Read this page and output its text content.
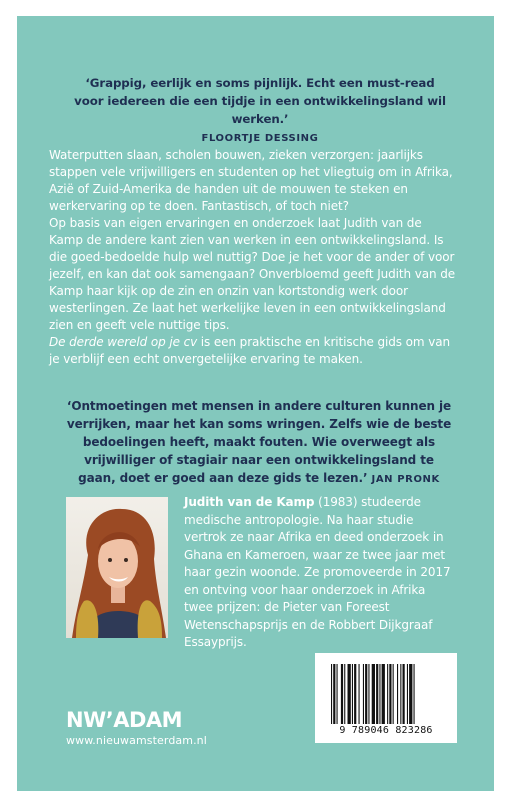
‘Grappig, eerlijk en soms pijnlijk. Echt een must-read voor iedereen die een tijdje in een ontwikkelingsland wil werken.’
FLOORTJE DESSING

Waterputten slaan, scholen bouwen, zieken verzorgen: jaarlijks stappen vele vrijwilligers en studenten op het vliegtuig om in Afrika, Azië of Zuid-Amerika de handen uit de mouwen te steken en werkervaring op te doen. Fantastisch, of toch niet?

Op basis van eigen ervaringen en onderzoek laat Judith van de Kamp de andere kant zien van werken in een ontwikkelingsland. Is die goed-bedoelde hulp wel nuttig? Doe je het voor de ander of voor jezelf, en kan dat ook samengaan? Onverbloemd geeft Judith van de Kamp haar kijk op de zin en onzin van kortstondig werk door westerlingen. Ze laat het werkelijke leven in een ontwikkelingsland zien en geeft vele nuttige tips.

De derde wereld op je cv is een praktische en kritische gids om van je verblijf een echt onvergetelijke ervaring te maken.

‘Ontmoetingen met mensen in andere culturen kunnen je verrijken, maar het kan soms wringen. Zelfs wie de beste bedoelingen heeft, maakt fouten. Wie overweegt als vrijwilliger of stagiair naar een ontwikkelingsland te gaan, doet er goed aan deze gids te lezen.’ JAN PRONK
Judith van de Kamp (1983) studeerde medische antropologie. Na haar studie vertrok ze naar Afrika en deed onderzoek in Ghana en Kameroen, waar ze twee jaar met haar gezin woonde. Ze promoveerde in 2017 en ontving voor haar onderzoek in Afrika twee prijzen: de Pieter van Foreest Wetenschapsprijs en de Robbert Dijkgraaf Essayprijs.
9 789046 823286
NW’ADAM
www.nieuwamsterdam.nl
